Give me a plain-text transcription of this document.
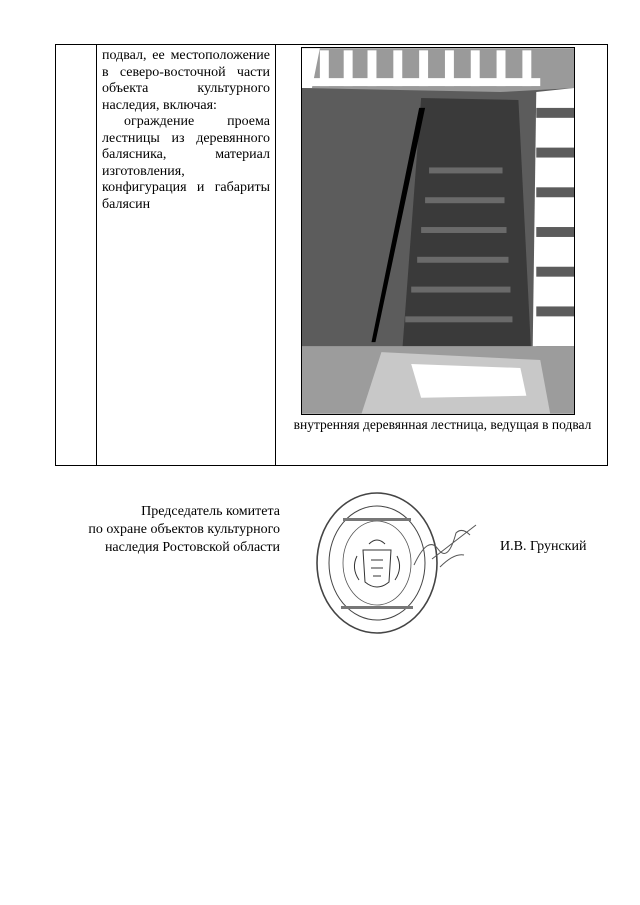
подвал, ее местоположение в северо-восточной части объекта культурного наследия, включая:

ограждение проема лестницы из деревянного балясника, материал изготовления, конфигурация и габариты балясин

внутренняя деревянная лестница, ведущая в подвал
Председатель комитета
по охране объектов культурного
наследия Ростовской области	И.В. Грунский
